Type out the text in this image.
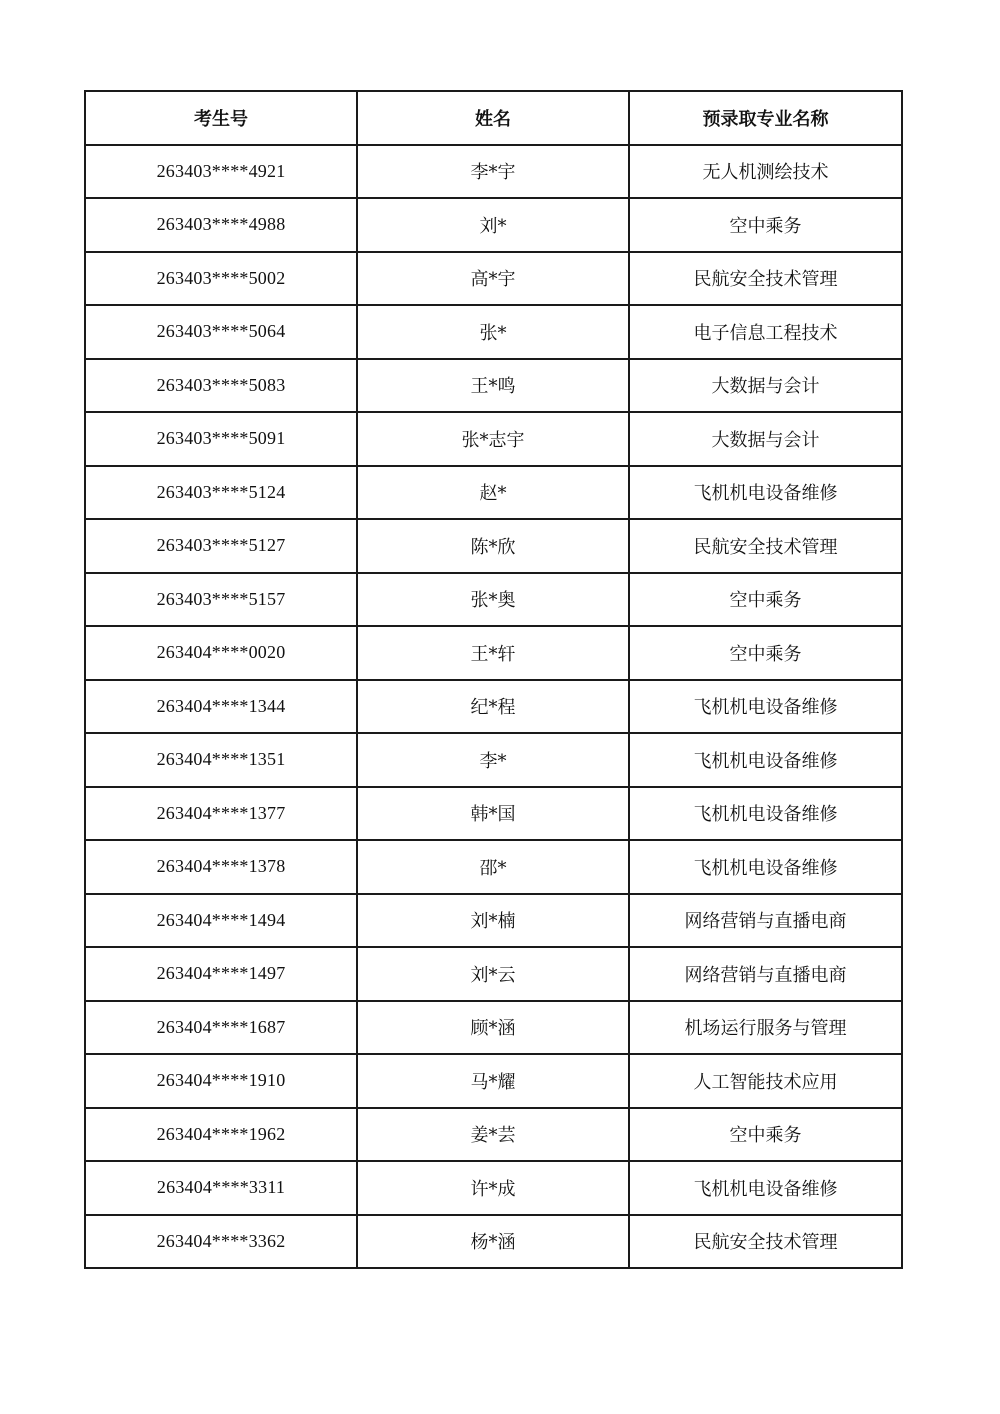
考生号	姓名	预录取专业名称
263403****4921	李*宇	无人机测绘技术
263403****4988	刘*	空中乘务
263403****5002	高*宇	民航安全技术管理
263403****5064	张*	电子信息工程技术
263403****5083	王*鸣	大数据与会计
263403****5091	张*志宇	大数据与会计
263403****5124	赵*	飞机机电设备维修
263403****5127	陈*欣	民航安全技术管理
263403****5157	张*奥	空中乘务
263404****0020	王*轩	空中乘务
263404****1344	纪*程	飞机机电设备维修
263404****1351	李*	飞机机电设备维修
263404****1377	韩*国	飞机机电设备维修
263404****1378	邵*	飞机机电设备维修
263404****1494	刘*楠	网络营销与直播电商
263404****1497	刘*云	网络营销与直播电商
263404****1687	顾*涵	机场运行服务与管理
263404****1910	马*耀	人工智能技术应用
263404****1962	姜*芸	空中乘务
263404****3311	许*成	飞机机电设备维修
263404****3362	杨*涵	民航安全技术管理
